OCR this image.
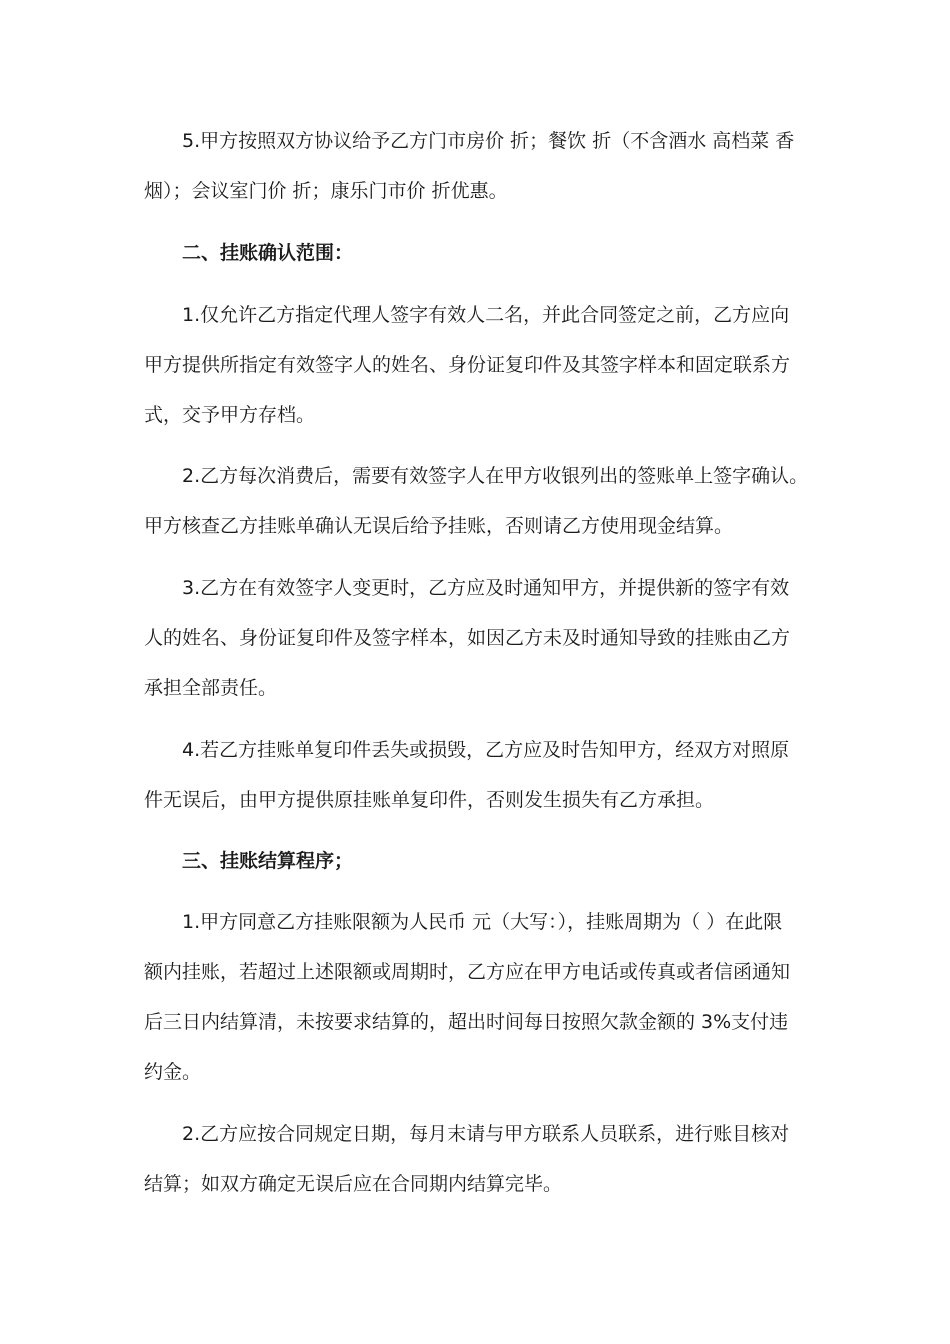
5.甲方按照双方协议给予乙方门市房价 折；餐饮 折（不含酒水 高档菜 香

烟）；会议室门价 折；康乐门市价 折优惠。

二、挂账确认范围：

1.仅允许乙方指定代理人签字有效人二名，并此合同签定之前，乙方应向

甲方提供所指定有效签字人的姓名、身份证复印件及其签字样本和固定联系方

式，交予甲方存档。

2.乙方每次消费后，需要有效签字人在甲方收银列出的签账单上签字确认。

甲方核查乙方挂账单确认无误后给予挂账，否则请乙方使用现金结算。

3.乙方在有效签字人变更时，乙方应及时通知甲方，并提供新的签字有效

人的姓名、身份证复印件及签字样本，如因乙方未及时通知导致的挂账由乙方

承担全部责任。

4.若乙方挂账单复印件丢失或损毁，乙方应及时告知甲方，经双方对照原

件无误后，由甲方提供原挂账单复印件，否则发生损失有乙方承担。

三、挂账结算程序；

1.甲方同意乙方挂账限额为人民币 元（大写：），挂账周期为（ ）在此限

额内挂账，若超过上述限额或周期时，乙方应在甲方电话或传真或者信函通知

后三日内结算清，未按要求结算的，超出时间每日按照欠款金额的 3%支付违

约金。

2.乙方应按合同规定日期，每月末请与甲方联系人员联系，进行账目核对

结算；如双方确定无误后应在合同期内结算完毕。
